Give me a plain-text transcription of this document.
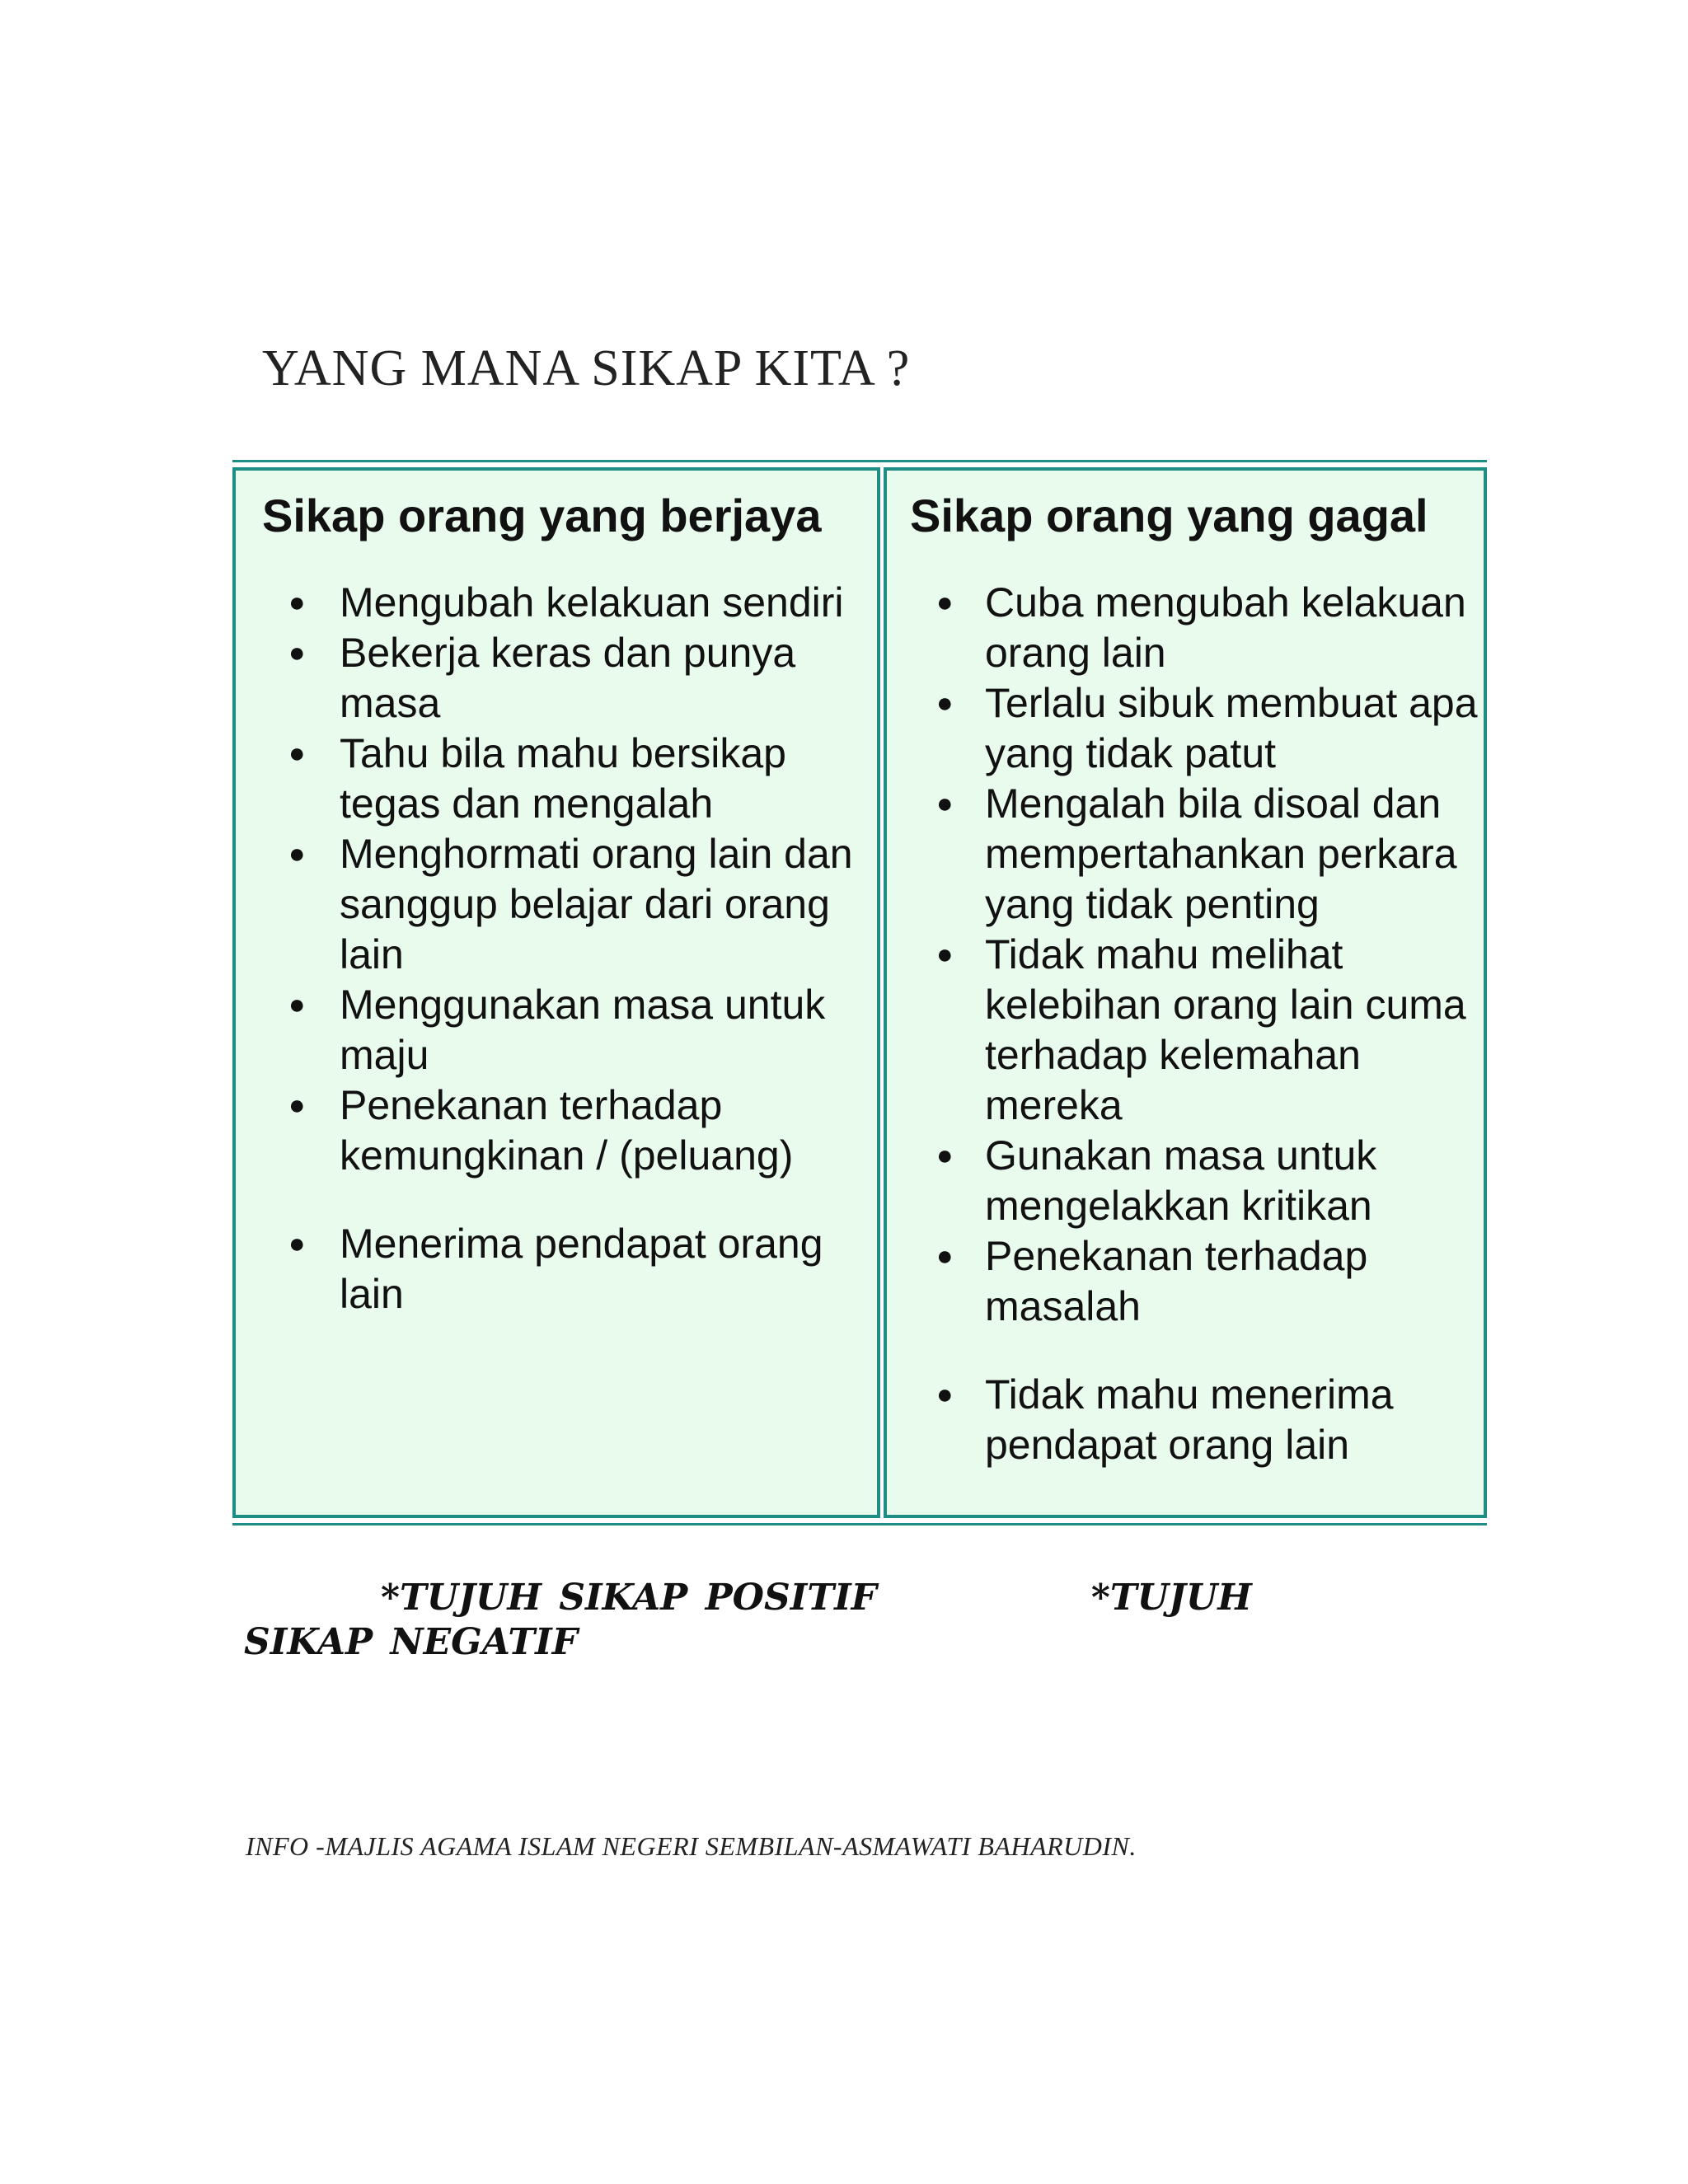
YANG MANA SIKAP KITA ?
Sikap orang yang berjaya
● Mengubah kelakuan sendiri
● Bekerja keras dan punya masa
● Tahu bila mahu bersikap tegas dan mengalah
● Menghormati orang lain dan sanggup belajar dari orang lain
● Menggunakan masa untuk maju
● Penekanan terhadap kemungkinan / (peluang)
● Menerima pendapat orang lain
Sikap orang yang gagal
● Cuba mengubah kelakuan orang lain
● Terlalu sibuk membuat apa yang tidak patut
● Mengalah bila disoal dan mempertahankan perkara yang tidak penting
● Tidak mahu melihat kelebihan orang lain cuma terhadap kelemahan mereka
● Gunakan masa untuk mengelakkan kritikan
● Penekanan terhadap masalah
● Tidak mahu menerima pendapat orang lain
*TUJUH SIKAP POSITIF	*TUJUH SIKAP NEGATIF
INFO -MAJLIS AGAMA ISLAM NEGERI SEMBILAN-ASMAWATI BAHARUDIN.
